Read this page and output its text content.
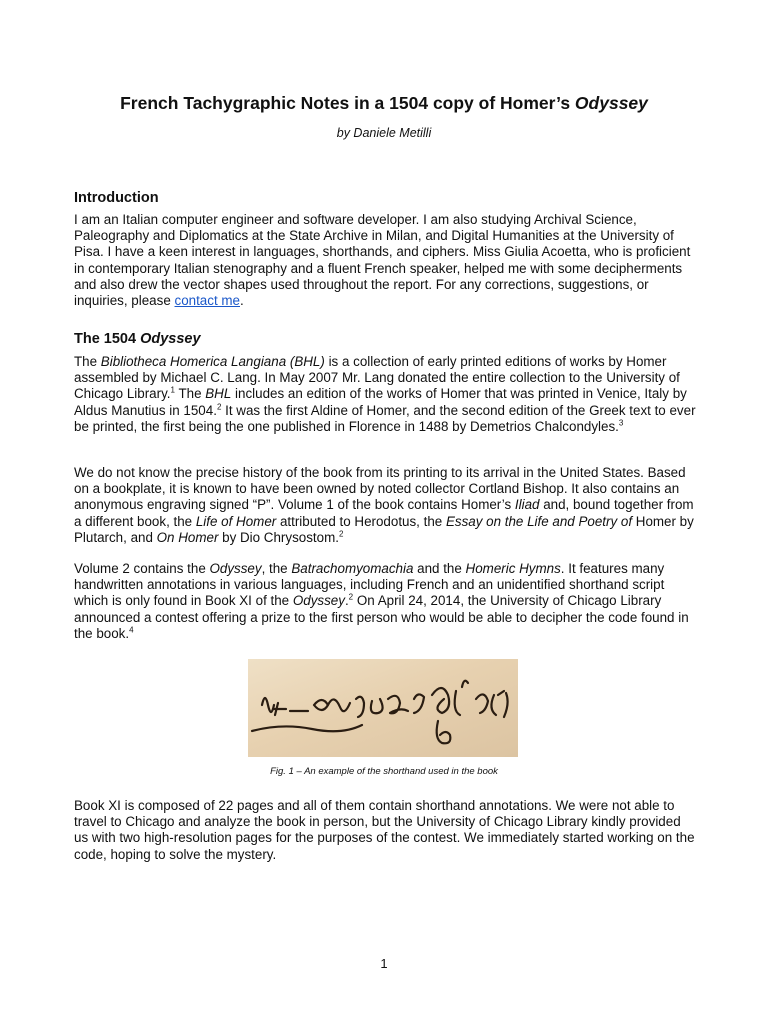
French Tachygraphic Notes in a 1504 copy of Homer’s Odyssey
by Daniele Metilli
Introduction

I am an Italian computer engineer and software developer. I am also studying Archival Science, Paleography and Diplomatics at the State Archive in Milan, and Digital Humanities at the University of Pisa. I have a keen interest in languages, shorthands, and ciphers. Miss Giulia Acoetta, who is proficient in contemporary Italian stenography and a fluent French speaker, helped me with some decipherments and also drew the vector shapes used throughout the report. For any corrections, suggestions, or inquiries, please contact me.

The 1504 Odyssey

The Bibliotheca Homerica Langiana (BHL) is a collection of early printed editions of works by Homer assembled by Michael C. Lang. In May 2007 Mr. Lang donated the entire collection to the University of Chicago Library.$^1$ The BHL includes an edition of the works of Homer that was printed in Venice, Italy by Aldus Manutius in 1504.$^2$ It was the first Aldine of Homer, and the second edition of the Greek text to ever be printed, the first being the one published in Florence in 1488 by Demetrios Chalcondyles.$^3$

We do not know the precise history of the book from its printing to its arrival in the United States. Based on a bookplate, it is known to have been owned by noted collector Cortland Bishop. It also contains an anonymous engraving signed “P”. Volume 1 of the book contains Homer’s Iliad and, bound together from a different book, the Life of Homer attributed to Herodotus, the Essay on the Life and Poetry of Homer by Plutarch, and On Homer by Dio Chrysostom.$^2$

Volume 2 contains the Odyssey, the Batrachomyomachia and the Homeric Hymns. It features many handwritten annotations in various languages, including French and an unidentified shorthand script which is only found in Book XI of the Odyssey.$^2$ On April 24, 2014, the University of Chicago Library announced a contest offering a prize to the first person who would be able to decipher the code found in the book.$^4$

Fig. 1 – An example of the shorthand used in the book

Book XI is composed of 22 pages and all of them contain shorthand annotations. We were not able to travel to Chicago and analyze the book in person, but the University of Chicago Library kindly provided us with two high-resolution pages for the purposes of the contest. We immediately started working on the code, hoping to solve the mystery.

1
